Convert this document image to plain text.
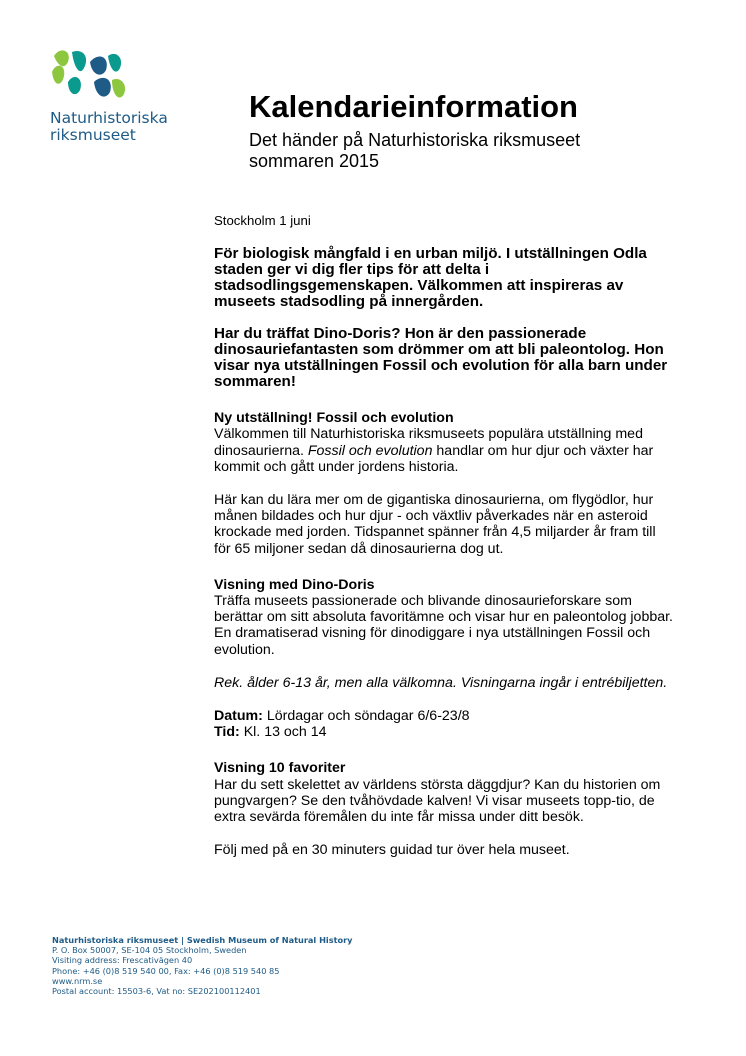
Naturhistoriska
riksmuseet
Kalendarieinformation
Det händer på Naturhistoriska riksmuseet sommaren 2015
Stockholm 1 juni

För biologisk mångfald i en urban miljö. I utställningen Odla staden ger vi dig fler tips för att delta i stadsodlingsgemenskapen. Välkommen att inspireras av museets stadsodling på innergården.

Har du träffat Dino-Doris? Hon är den passionerade dinosauriefantasten som drömmer om att bli paleontolog. Hon visar nya utställningen Fossil och evolution för alla barn under sommaren!

Ny utställning! Fossil och evolution

Välkommen till Naturhistoriska riksmuseets populära utställning med dinosaurierna. Fossil och evolution handlar om hur djur och växter har kommit och gått under jordens historia.

Här kan du lära mer om de gigantiska dinosaurierna, om flygödlor, hur månen bildades och hur djur - och växtliv påverkades när en asteroid krockade med jorden. Tidspannet spänner från 4,5 miljarder år fram till för 65 miljoner sedan då dinosaurierna dog ut.

Visning med Dino-Doris

Träffa museets passionerade och blivande dinosaurieforskare som berättar om sitt absoluta favoritämne och visar hur en paleontolog jobbar. En dramatiserad visning för dinodiggare i nya utställningen Fossil och evolution.

Rek. ålder 6-13 år, men alla välkomna. Visningarna ingår i entrébiljetten.

Datum: Lördagar och söndagar 6/6-23/8

Tid: Kl. 13 och 14

Visning 10 favoriter

Har du sett skelettet av världens största däggdjur? Kan du historien om pungvargen? Se den tvåhövdade kalven! Vi visar museets topp-tio, de extra sevärda föremålen du inte får missa under ditt besök.

Följ med på en 30 minuters guidad tur över hela museet.

Naturhistoriska riksmuseet | Swedish Museum of Natural History
P. O. Box 50007, SE-104 05 Stockholm, Sweden
Visiting address: Frescativägen 40
Phone: +46 (0)8 519 540 00, Fax: +46 (0)8 519 540 85
www.nrm.se
Postal account: 15503-6, Vat no: SE202100112401
